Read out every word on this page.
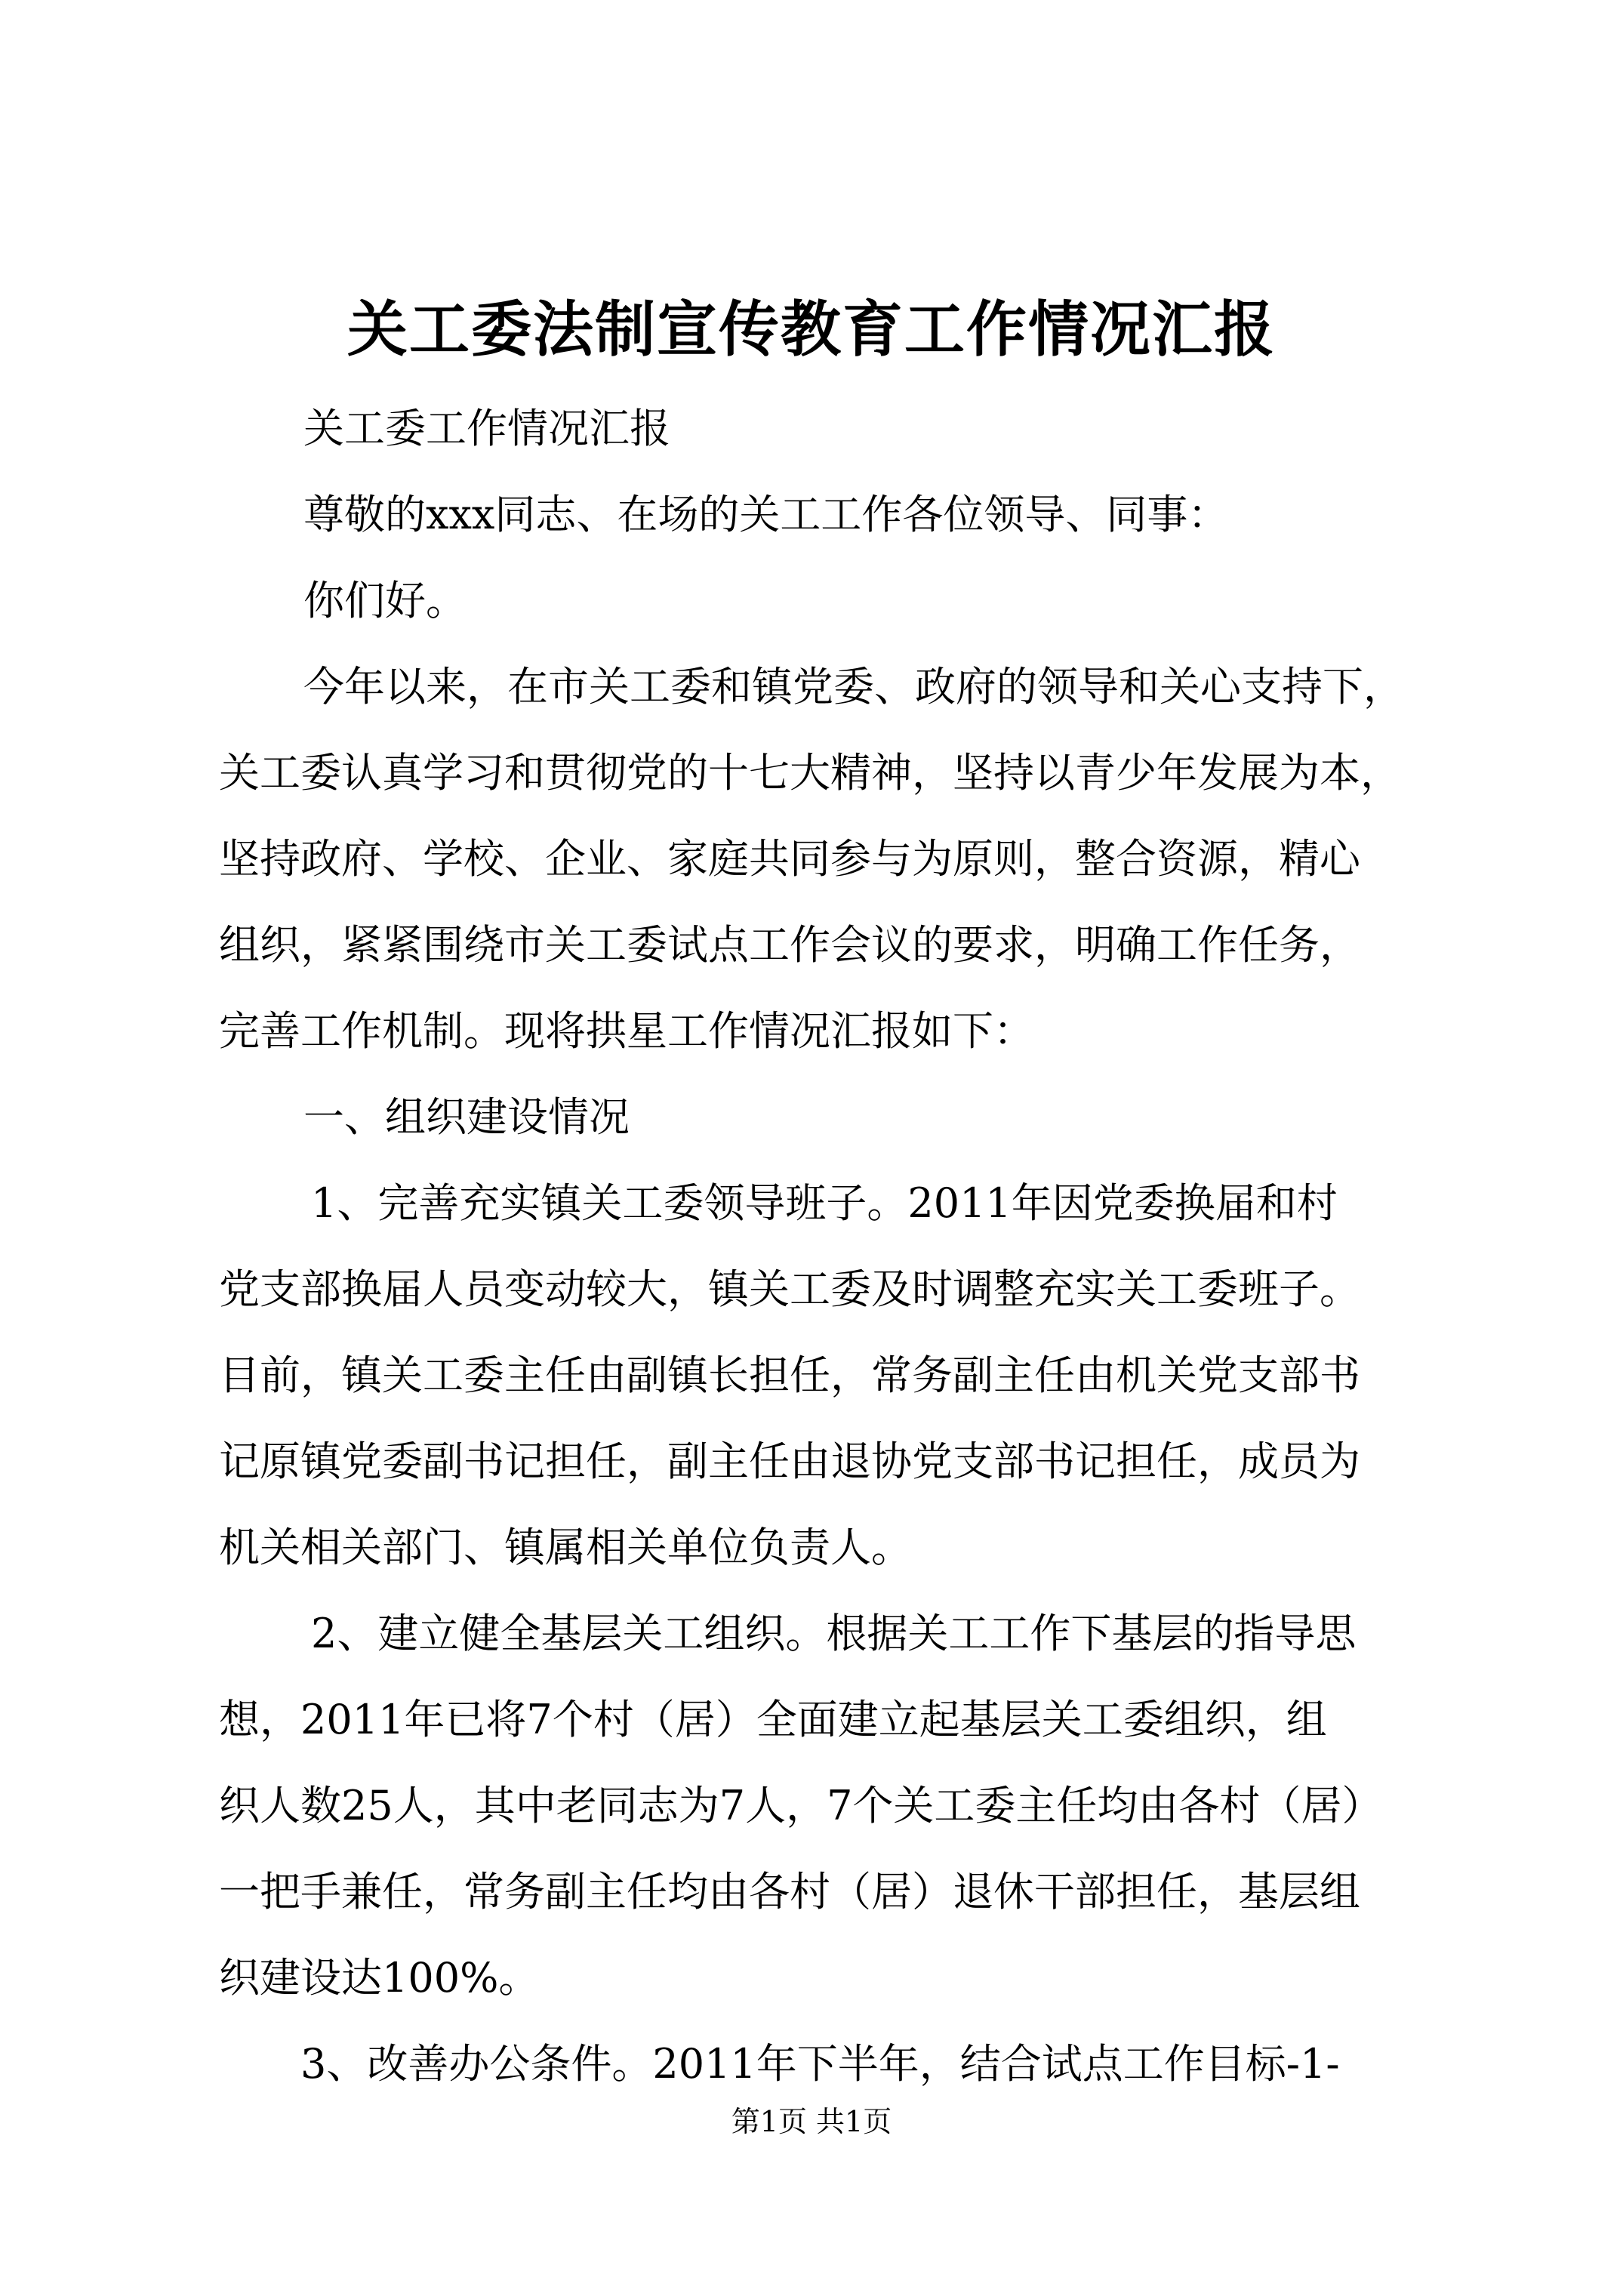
关工委法制宣传教育工作情况汇报
关工委工作情况汇报
尊敬的xxx同志、在场的关工工作各位领导、同事：
你们好。
今年以来，在市关工委和镇党委、政府的领导和关心支持下，
关工委认真学习和贯彻党的十七大精神，坚持以青少年发展为本，
坚持政府、学校、企业、家庭共同参与为原则，整合资源，精心
组织，紧紧围绕市关工委试点工作会议的要求，明确工作任务，
完善工作机制。现将拱星工作情况汇报如下：
一、组织建设情况
1、完善充实镇关工委领导班子。2011年因党委换届和村
党支部换届人员变动较大，镇关工委及时调整充实关工委班子。
目前，镇关工委主任由副镇长担任，常务副主任由机关党支部书
记原镇党委副书记担任，副主任由退协党支部书记担任，成员为
机关相关部门、镇属相关单位负责人。
2、建立健全基层关工组织。根据关工工作下基层的指导思
想，2011年已将7个村（居）全面建立起基层关工委组织，组
织人数25人，其中老同志为7人，7个关工委主任均由各村（居）
一把手兼任，常务副主任均由各村（居）退休干部担任，基层组
织建设达100%。
3、改善办公条件。2011年下半年，结合试点工作目标-1-
第1页 共1页
